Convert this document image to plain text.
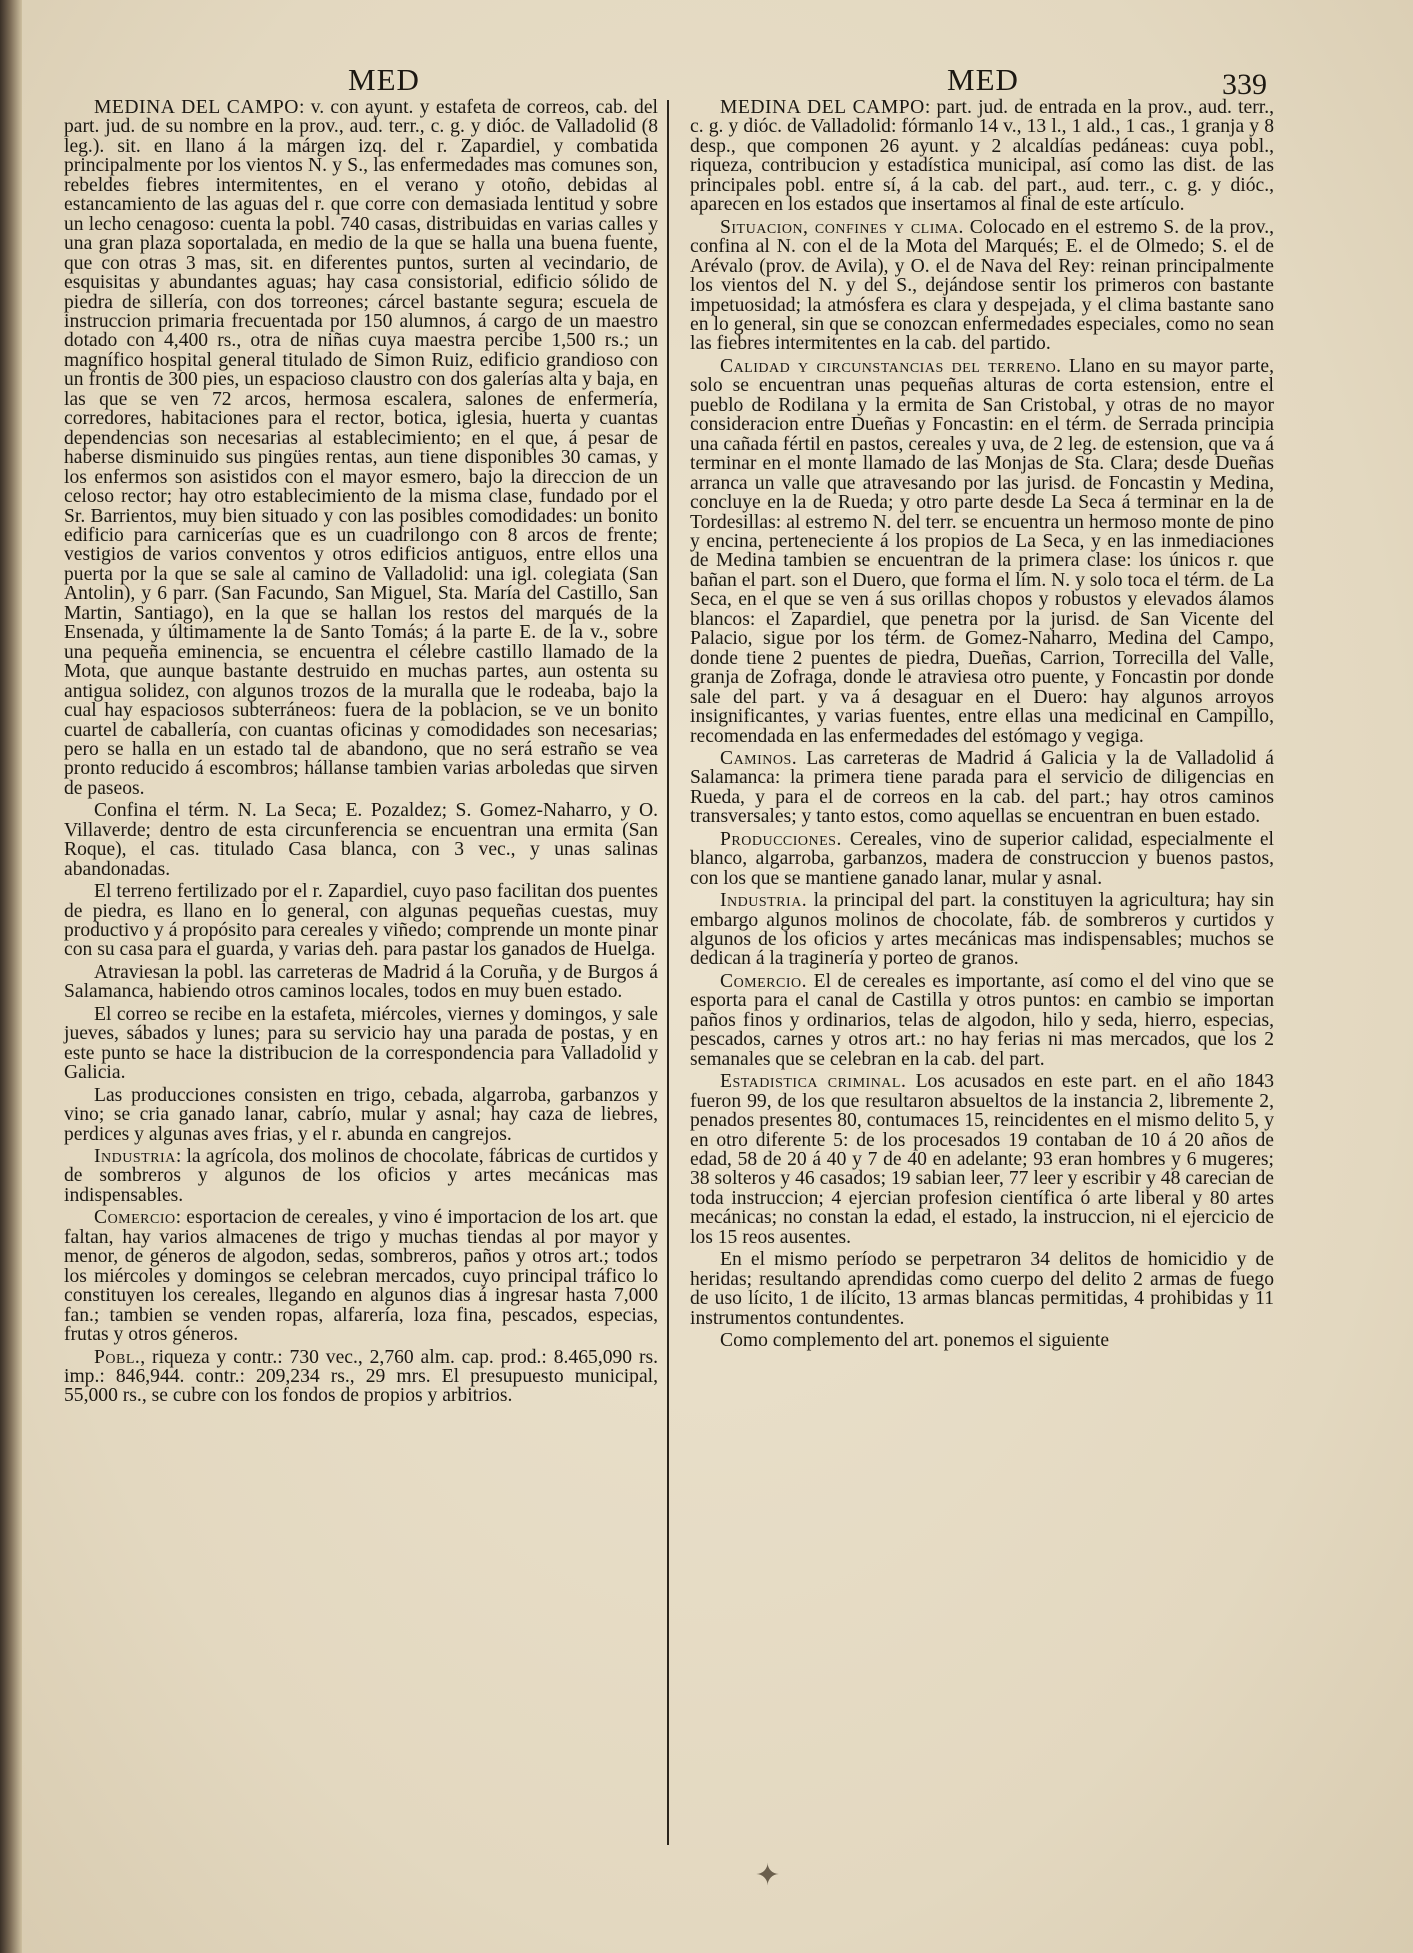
MED	MED	339

MEDINA DEL CAMPO: v. con ayunt. y estafeta de correos, cab. del part. jud. de su nombre en la prov., aud. terr., c. g. y dióc. de Valladolid (8 leg.). sit. en llano á la márgen izq. del r. Zapardiel, y combatida principalmente por los vientos N. y S., las enfermedades mas comunes son, rebeldes fiebres intermitentes, en el verano y otoño, debidas al estancamiento de las aguas del r. que corre con demasiada lentitud y sobre un lecho cenagoso: cuenta la pobl. 740 casas, distribuidas en varias calles y una gran plaza soportalada, en medio de la que se halla una buena fuente, que con otras 3 mas, sit. en diferentes puntos, surten al vecindario, de esquisitas y abundantes aguas; hay casa consistorial, edificio sólido de piedra de sillería, con dos torreones; cárcel bastante segura; escuela de instruccion primaria frecuentada por 150 alumnos, á cargo de un maestro dotado con 4,400 rs., otra de niñas cuya maestra percibe 1,500 rs.; un magnífico hospital general titulado de Simon Ruiz, edificio grandioso con un frontis de 300 pies, un espacioso claustro con dos galerías alta y baja, en las que se ven 72 arcos, hermosa escalera, salones de enfermería, corredores, habitaciones para el rector, botica, iglesia, huerta y cuantas dependencias son necesarias al establecimiento; en el que, á pesar de haberse disminuido sus pingües rentas, aun tiene disponibles 30 camas, y los enfermos son asistidos con el mayor esmero, bajo la direccion de un celoso rector; hay otro establecimiento de la misma clase, fundado por el Sr. Barrientos, muy bien situado y con las posibles comodidades: un bonito edificio para carnicerías que es un cuadrilongo con 8 arcos de frente; vestigios de varios conventos y otros edificios antiguos, entre ellos una puerta por la que se sale al camino de Valladolid: una igl. colegiata (San Antolin), y 6 parr. (San Facundo, San Miguel, Sta. María del Castillo, San Martin, Santiago), en la que se hallan los restos del marqués de la Ensenada, y últimamente la de Santo Tomás; á la parte E. de la v., sobre una pequeña eminencia, se encuentra el célebre castillo llamado de la Mota, que aunque bastante destruido en muchas partes, aun ostenta su antigua solidez, con algunos trozos de la muralla que le rodeaba, bajo la cual hay espaciosos subterráneos: fuera de la poblacion, se ve un bonito cuartel de caballería, con cuantas oficinas y comodidades son necesarias; pero se halla en un estado tal de abandono, que no será estraño se vea pronto reducido á escombros; hállanse tambien varias arboledas que sirven de paseos.

Confina el térm. N. La Seca; E. Pozaldez; S. Gomez-Naharro, y O. Villaverde; dentro de esta circunferencia se encuentran una ermita (San Roque), el cas. titulado Casa blanca, con 3 vec., y unas salinas abandonadas.

El terreno fertilizado por el r. Zapardiel, cuyo paso facilitan dos puentes de piedra, es llano en lo general, con algunas pequeñas cuestas, muy productivo y á propósito para cereales y viñedo; comprende un monte pinar con su casa para el guarda, y varias deh. para pastar los ganados de Huelga.

Atraviesan la pobl. las carreteras de Madrid á la Coruña, y de Burgos á Salamanca, habiendo otros caminos locales, todos en muy buen estado.

El correo se recibe en la estafeta, miércoles, viernes y domingos, y sale jueves, sábados y lunes; para su servicio hay una parada de postas, y en este punto se hace la distribucion de la correspondencia para Valladolid y Galicia.

Las producciones consisten en trigo, cebada, algarroba, garbanzos y vino; se cria ganado lanar, cabrío, mular y asnal; hay caza de liebres, perdices y algunas aves frias, y el r. abunda en cangrejos.

Industria: la agrícola, dos molinos de chocolate, fábricas de curtidos y de sombreros y algunos de los oficios y artes mecánicas mas indispensables.

Comercio: esportacion de cereales, y vino é importacion de los art. que faltan, hay varios almacenes de trigo y muchas tiendas al por mayor y menor, de géneros de algodon, sedas, sombreros, paños y otros art.; todos los miércoles y domingos se celebran mercados, cuyo principal tráfico lo constituyen los cereales, llegando en algunos dias á ingresar hasta 7,000 fan.; tambien se venden ropas, alfarería, loza fina, pescados, especias, frutas y otros géneros.

Pobl., riqueza y contr.: 730 vec., 2,760 alm. cap. prod.: 8.465,090 rs. imp.: 846,944. contr.: 209,234 rs., 29 mrs. El presupuesto municipal, 55,000 rs., se cubre con los fondos de propios y arbitrios.

MEDINA DEL CAMPO: part. jud. de entrada en la prov., aud. terr., c. g. y dióc. de Valladolid: fórmanlo 14 v., 13 l., 1 ald., 1 cas., 1 granja y 8 desp., que componen 26 ayunt. y 2 alcaldías pedáneas: cuya pobl., riqueza, contribucion y estadística municipal, así como las dist. de las principales pobl. entre sí, á la cab. del part., aud. terr., c. g. y dióc., aparecen en los estados que insertamos al final de este artículo.

Situacion, confines y clima. Colocado en el estremo S. de la prov., confina al N. con el de la Mota del Marqués; E. el de Olmedo; S. el de Arévalo (prov. de Avila), y O. el de Nava del Rey: reinan principalmente los vientos del N. y del S., dejándose sentir los primeros con bastante impetuosidad; la atmósfera es clara y despejada, y el clima bastante sano en lo general, sin que se conozcan enfermedades especiales, como no sean las fiebres intermitentes en la cab. del partido.

Calidad y circunstancias del terreno. Llano en su mayor parte, solo se encuentran unas pequeñas alturas de corta estension, entre el pueblo de Rodilana y la ermita de San Cristobal, y otras de no mayor consideracion entre Dueñas y Foncastin: en el térm. de Serrada principia una cañada fértil en pastos, cereales y uva, de 2 leg. de estension, que va á terminar en el monte llamado de las Monjas de Sta. Clara; desde Dueñas arranca un valle que atravesando por las jurisd. de Foncastin y Medina, concluye en la de Rueda; y otro parte desde La Seca á terminar en la de Tordesillas: al estremo N. del terr. se encuentra un hermoso monte de pino y encina, perteneciente á los propios de La Seca, y en las inmediaciones de Medina tambien se encuentran de la primera clase: los únicos r. que bañan el part. son el Duero, que forma el lím. N. y solo toca el térm. de La Seca, en el que se ven á sus orillas chopos y robustos y elevados álamos blancos: el Zapardiel, que penetra por la jurisd. de San Vicente del Palacio, sigue por los térm. de Gomez-Naharro, Medina del Campo, donde tiene 2 puentes de piedra, Dueñas, Carrion, Torrecilla del Valle, granja de Zofraga, donde le atraviesa otro puente, y Foncastin por donde sale del part. y va á desaguar en el Duero: hay algunos arroyos insignificantes, y varias fuentes, entre ellas una medicinal en Campillo, recomendada en las enfermedades del estómago y vegiga.

Caminos. Las carreteras de Madrid á Galicia y la de Valladolid á Salamanca: la primera tiene parada para el servicio de diligencias en Rueda, y para el de correos en la cab. del part.; hay otros caminos transversales; y tanto estos, como aquellas se encuentran en buen estado.

Producciones. Cereales, vino de superior calidad, especialmente el blanco, algarroba, garbanzos, madera de construccion y buenos pastos, con los que se mantiene ganado lanar, mular y asnal.

Industria. la principal del part. la constituyen la agricultura; hay sin embargo algunos molinos de chocolate, fáb. de sombreros y curtidos y algunos de los oficios y artes mecánicas mas indispensables; muchos se dedican á la traginería y porteo de granos.

Comercio. El de cereales es importante, así como el del vino que se esporta para el canal de Castilla y otros puntos: en cambio se importan paños finos y ordinarios, telas de algodon, hilo y seda, hierro, especias, pescados, carnes y otros art.: no hay ferias ni mas mercados, que los 2 semanales que se celebran en la cab. del part.

Estadistica criminal. Los acusados en este part. en el año 1843 fueron 99, de los que resultaron absueltos de la instancia 2, libremente 2, penados presentes 80, contumaces 15, reincidentes en el mismo delito 5, y en otro diferente 5: de los procesados 19 contaban de 10 á 20 años de edad, 58 de 20 á 40 y 7 de 40 en adelante; 93 eran hombres y 6 mugeres; 38 solteros y 46 casados; 19 sabian leer, 77 leer y escribir y 48 carecian de toda instruccion; 4 ejercian profesion científica ó arte liberal y 80 artes mecánicas; no constan la edad, el estado, la instruccion, ni el ejercicio de los 15 reos ausentes.

En el mismo período se perpetraron 34 delitos de homicidio y de heridas; resultando aprendidas como cuerpo del delito 2 armas de fuego de uso lícito, 1 de ilícito, 13 armas blancas permitidas, 4 prohibidas y 11 instrumentos contundentes.

Como complemento del art. ponemos el siguiente

✦
